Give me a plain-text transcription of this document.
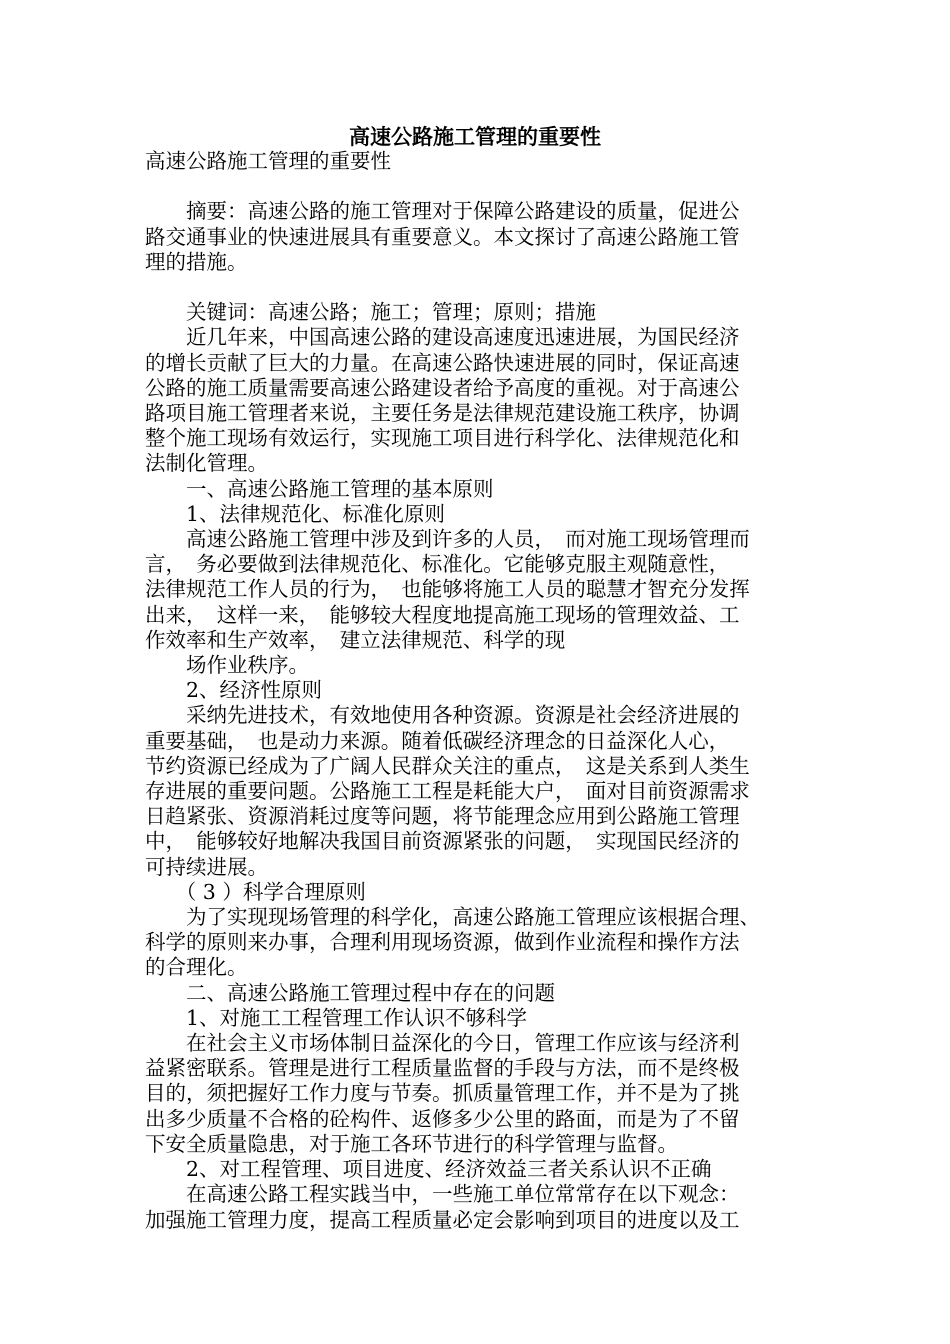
高速公路施工管理的重要性

高速公路施工管理的重要性

　　摘要：高速公路的施工管理对于保障公路建设的质量，促进公

路交通事业的快速进展具有重要意义。本文探讨了高速公路施工管

理的措施。

　　关键词：高速公路；施工；管理；原则；措施

　　近几年来，中国高速公路的建设高速度迅速进展，为国民经济

的增长贡献了巨大的力量。在高速公路快速进展的同时，保证高速

公路的施工质量需要高速公路建设者给予高度的重视。对于高速公

路项目施工管理者来说，主要任务是法律规范建设施工秩序，协调

整个施工现场有效运行，实现施工项目进行科学化、法律规范化和

法制化管理。

　　一、高速公路施工管理的基本原则

　　1、法律规范化、标准化原则

　　高速公路施工管理中涉及到许多的人员，　而对施工现场管理而

言，　务必要做到法律规范化、标准化。它能够克服主观随意性，

法律规范工作人员的行为，　也能够将施工人员的聪慧才智充分发挥

出来，　这样一来，　能够较大程度地提高施工现场的管理效益、工

作效率和生产效率，　建立法律规范、科学的现

　　场作业秩序。

　　2、经济性原则

　　采纳先进技术，有效地使用各种资源。资源是社会经济进展的

重要基础，　也是动力来源。随着低碳经济理念的日益深化人心，

节约资源已经成为了广阔人民群众关注的重点，　这是关系到人类生

存进展的重要问题。公路施工工程是耗能大户，　面对目前资源需求

日趋紧张、资源消耗过度等问题，将节能理念应用到公路施工管理

中，　能够较好地解决我国目前资源紧张的问题，　实现国民经济的

可持续进展。

　　（ 3 ）科学合理原则

　　为了实现现场管理的科学化，高速公路施工管理应该根据合理、

科学的原则来办事，合理利用现场资源，做到作业流程和操作方法

的合理化。

　　二、高速公路施工管理过程中存在的问题

　　1、对施工工程管理工作认识不够科学

　　在社会主义市场体制日益深化的今日，管理工作应该与经济利

益紧密联系。管理是进行工程质量监督的手段与方法，而不是终极

目的，须把握好工作力度与节奏。抓质量管理工作，并不是为了挑

出多少质量不合格的砼构件、返修多少公里的路面，而是为了不留

下安全质量隐患，对于施工各环节进行的科学管理与监督。

　　2、对工程管理、项目进度、经济效益三者关系认识不正确

　　在高速公路工程实践当中，一些施工单位常常存在以下观念：

加强施工管理力度，提高工程质量必定会影响到项目的进度以及工
